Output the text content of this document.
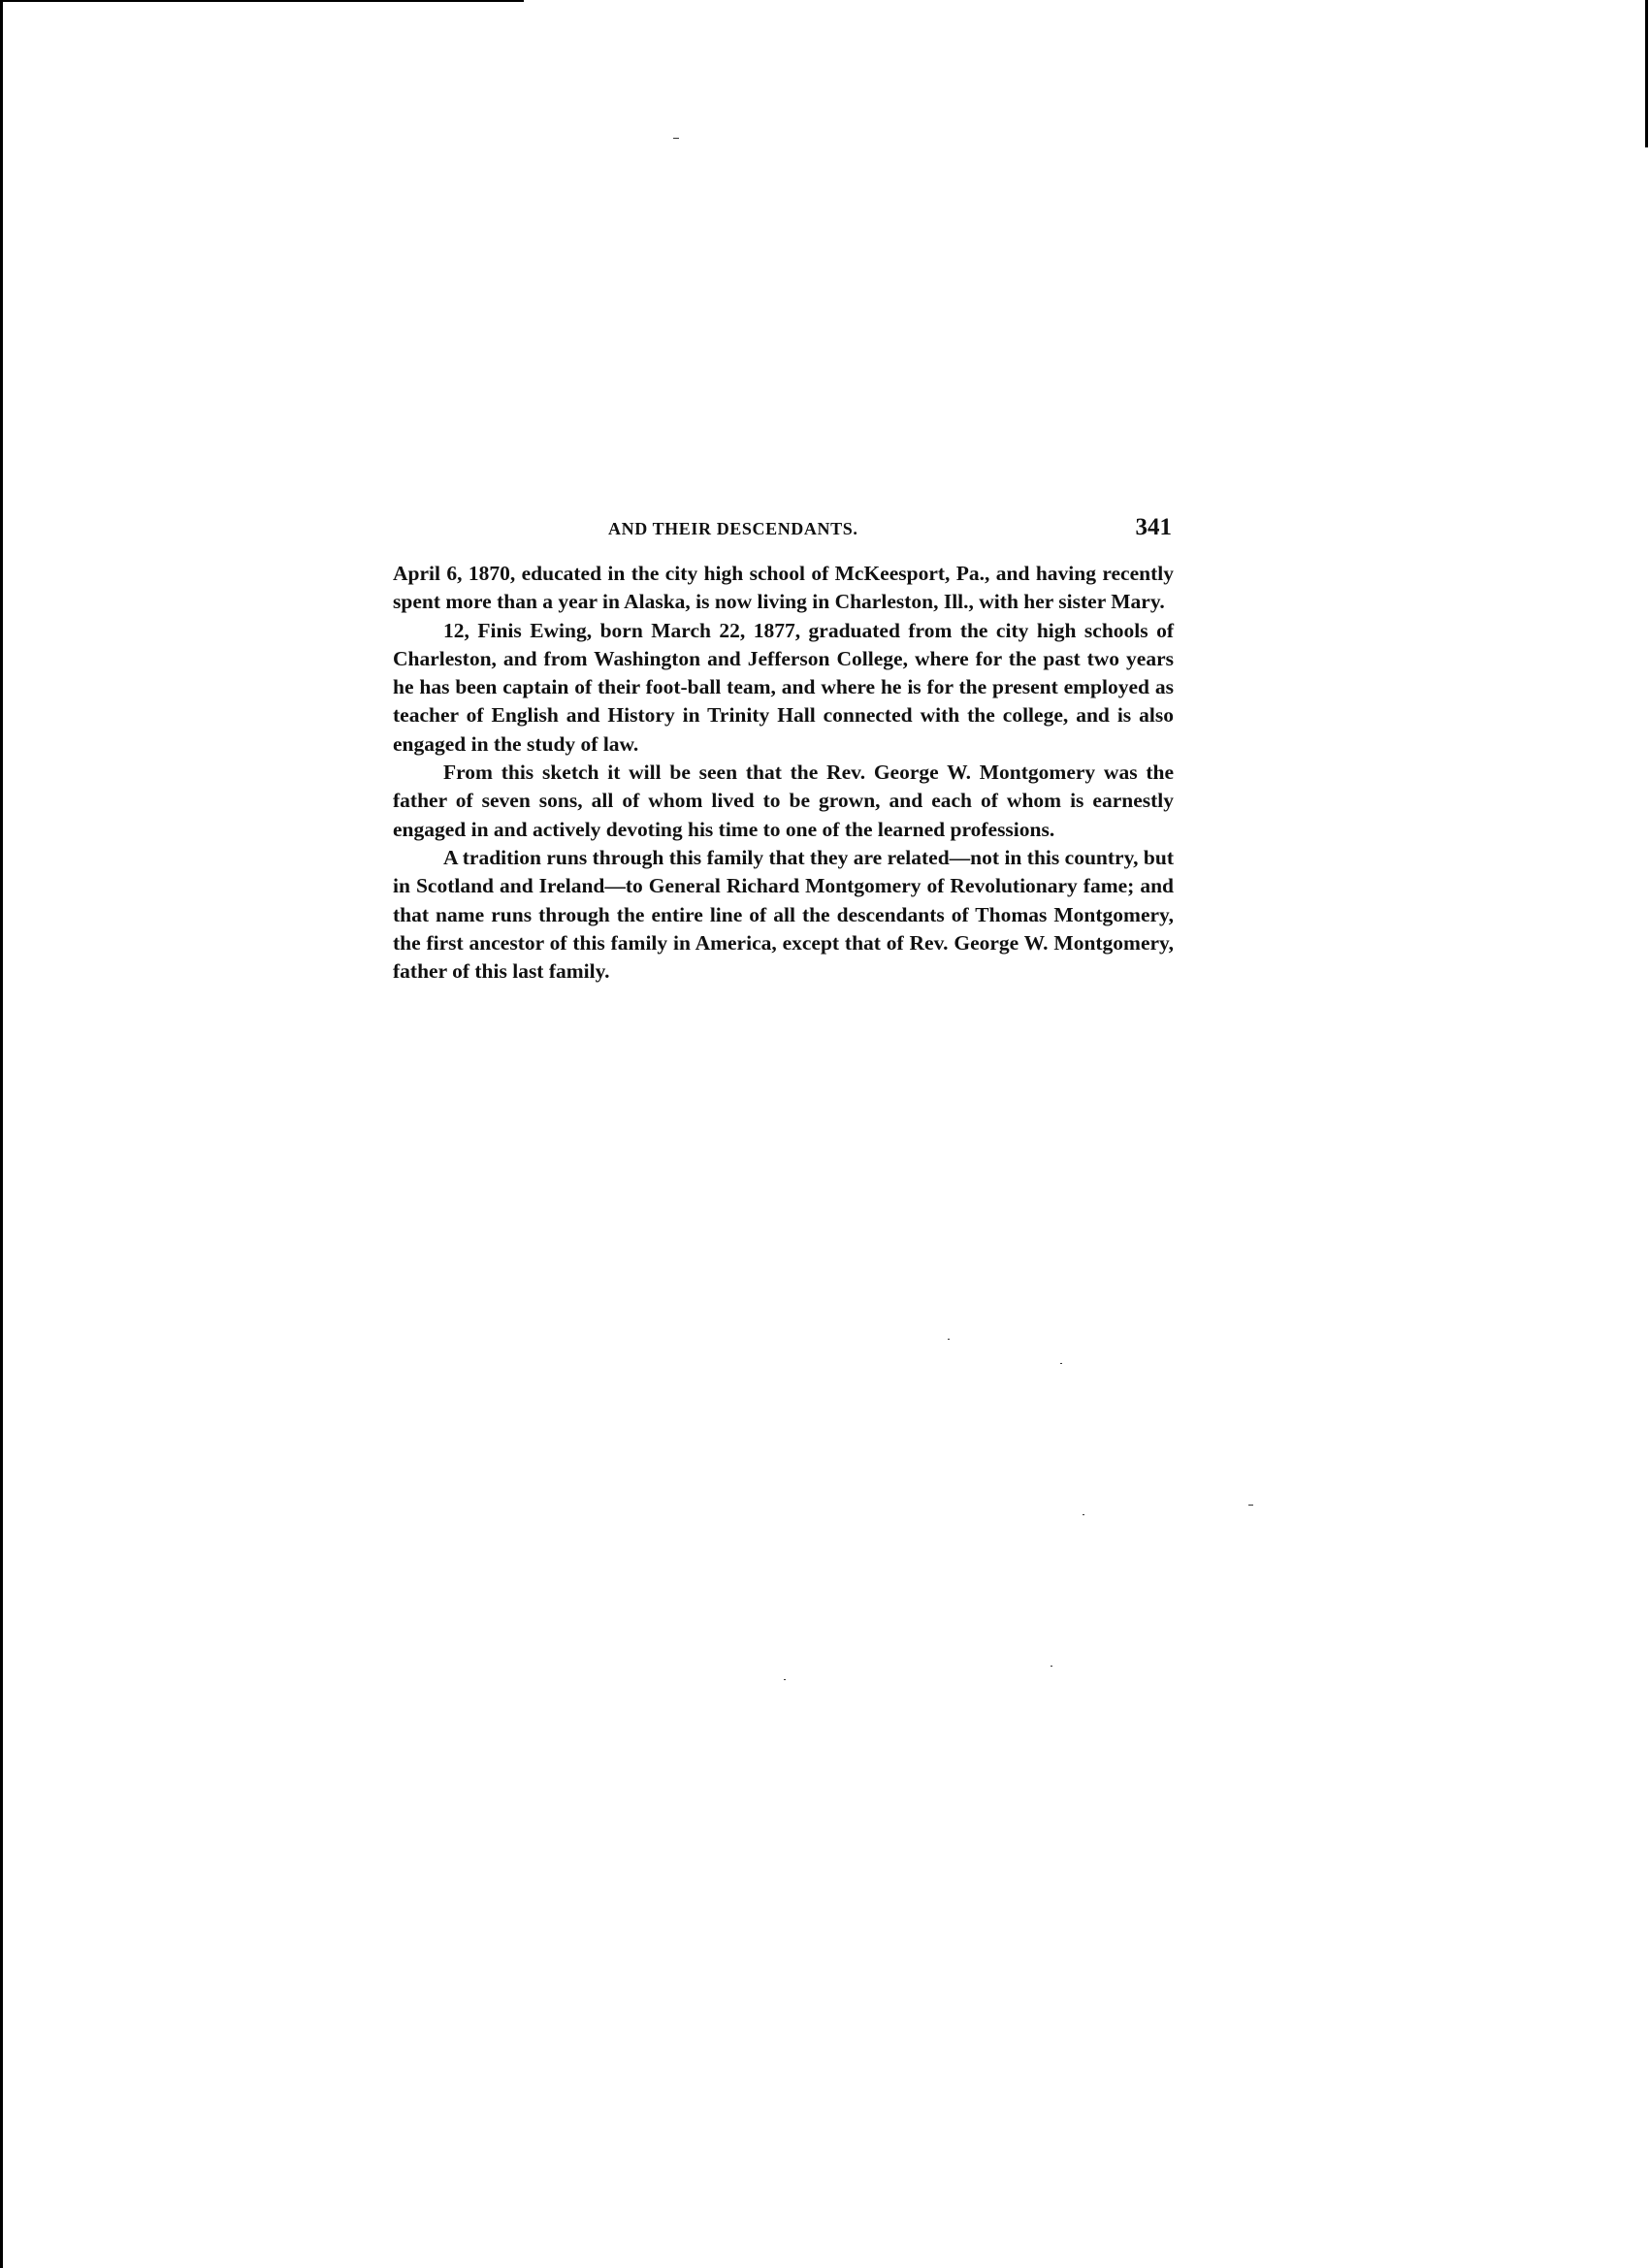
AND THEIR DESCENDANTS.	341

April 6, 1870, educated in the city high school of McKeesport, Pa., and having recently spent more than a year in Alaska, is now living in Charleston, Ill., with her sister Mary.

12, Finis Ewing, born March 22, 1877, graduated from the city high schools of Charleston, and from Washington and Jefferson College, where for the past two years he has been captain of their foot-ball team, and where he is for the present employed as teacher of English and History in Trinity Hall connected with the college, and is also engaged in the study of law.

From this sketch it will be seen that the Rev. George W. Montgomery was the father of seven sons, all of whom lived to be grown, and each of whom is earnestly engaged in and actively devoting his time to one of the learned professions.

A tradition runs through this family that they are related—not in this country, but in Scotland and Ireland—to General Richard Montgomery of Revolutionary fame; and that name runs through the entire line of all the descendants of Thomas Montgomery, the first ancestor of this family in America, except that of Rev. George W. Montgomery, father of this last family.
